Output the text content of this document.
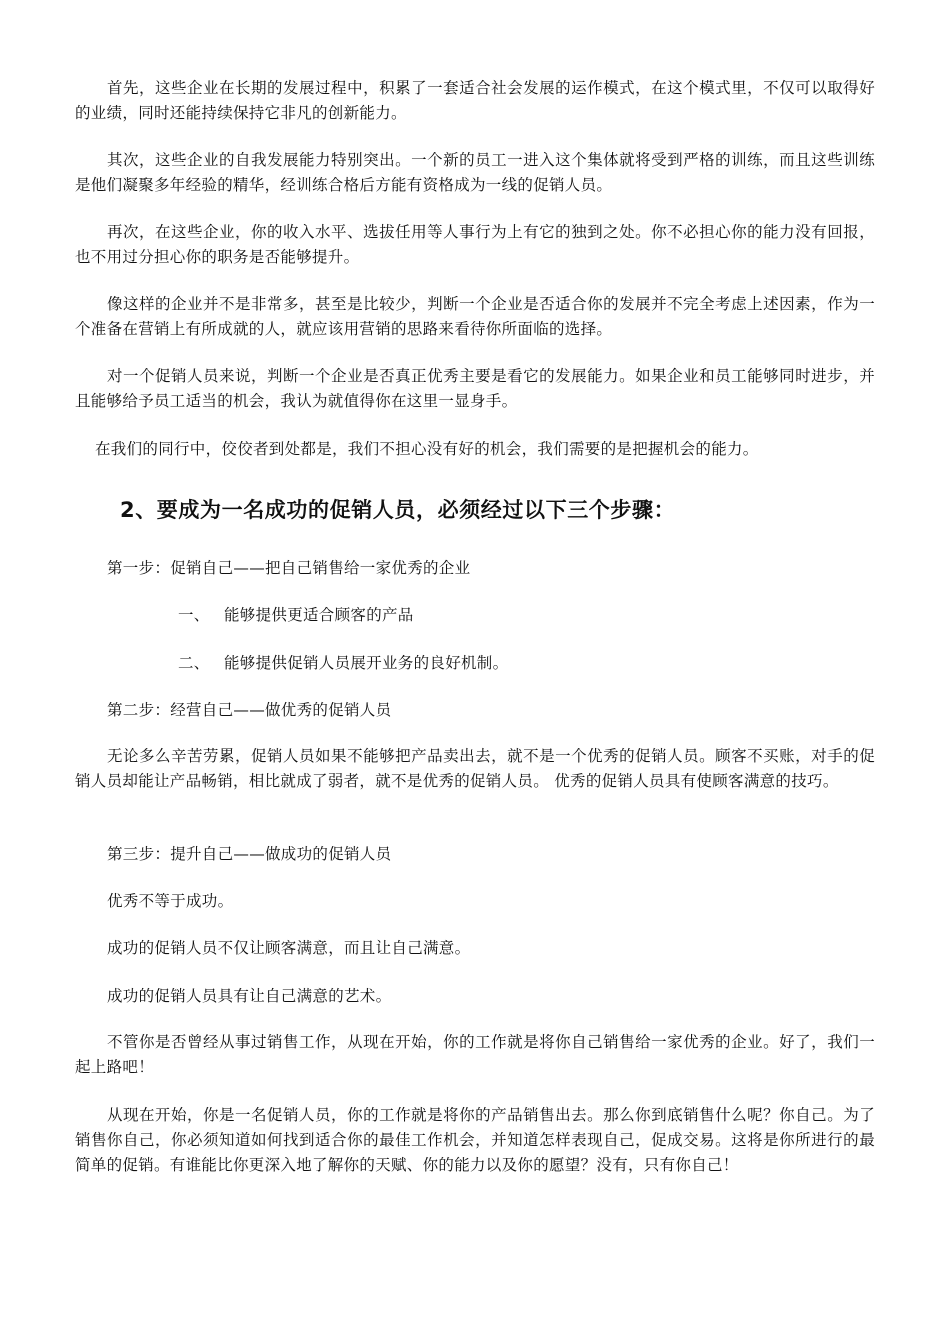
首先，这些企业在长期的发展过程中，积累了一套适合社会发展的运作模式，在这个模式里，不仅可以取得好的业绩，同时还能持续保持它非凡的创新能力。

其次，这些企业的自我发展能力特别突出。一个新的员工一进入这个集体就将受到严格的训练，而且这些训练是他们凝聚多年经验的精华，经训练合格后方能有资格成为一线的促销人员。

再次，在这些企业，你的收入水平、选拔任用等人事行为上有它的独到之处。你不必担心你的能力没有回报，也不用过分担心你的职务是否能够提升。

像这样的企业并不是非常多，甚至是比较少，判断一个企业是否适合你的发展并不完全考虑上述因素，作为一个准备在营销上有所成就的人，就应该用营销的思路来看待你所面临的选择。

对一个促销人员来说，判断一个企业是否真正优秀主要是看它的发展能力。如果企业和员工能够同时进步，并且能够给予员工适当的机会，我认为就值得你在这里一显身手。

在我们的同行中，佼佼者到处都是，我们不担心没有好的机会，我们需要的是把握机会的能力。

2、要成为一名成功的促销人员，必须经过以下三个步骤：

第一步：促销自己——把自己销售给一家优秀的企业

一、 能够提供更适合顾客的产品

二、 能够提供促销人员展开业务的良好机制。

第二步：经营自己——做优秀的促销人员

无论多么辛苦劳累，促销人员如果不能够把产品卖出去，就不是一个优秀的促销人员。顾客不买账，对手的促销人员却能让产品畅销，相比就成了弱者，就不是优秀的促销人员。 优秀的促销人员具有使顾客满意的技巧。

第三步：提升自己——做成功的促销人员

优秀不等于成功。

成功的促销人员不仅让顾客满意，而且让自己满意。

成功的促销人员具有让自己满意的艺术。

不管你是否曾经从事过销售工作，从现在开始，你的工作就是将你自己销售给一家优秀的企业。好了，我们一起上路吧！

从现在开始，你是一名促销人员，你的工作就是将你的产品销售出去。那么你到底销售什么呢？你自己。为了销售你自己，你必须知道如何找到适合你的最佳工作机会，并知道怎样表现自己，促成交易。这将是你所进行的最简单的促销。有谁能比你更深入地了解你的天赋、你的能力以及你的愿望？没有，只有你自己！
